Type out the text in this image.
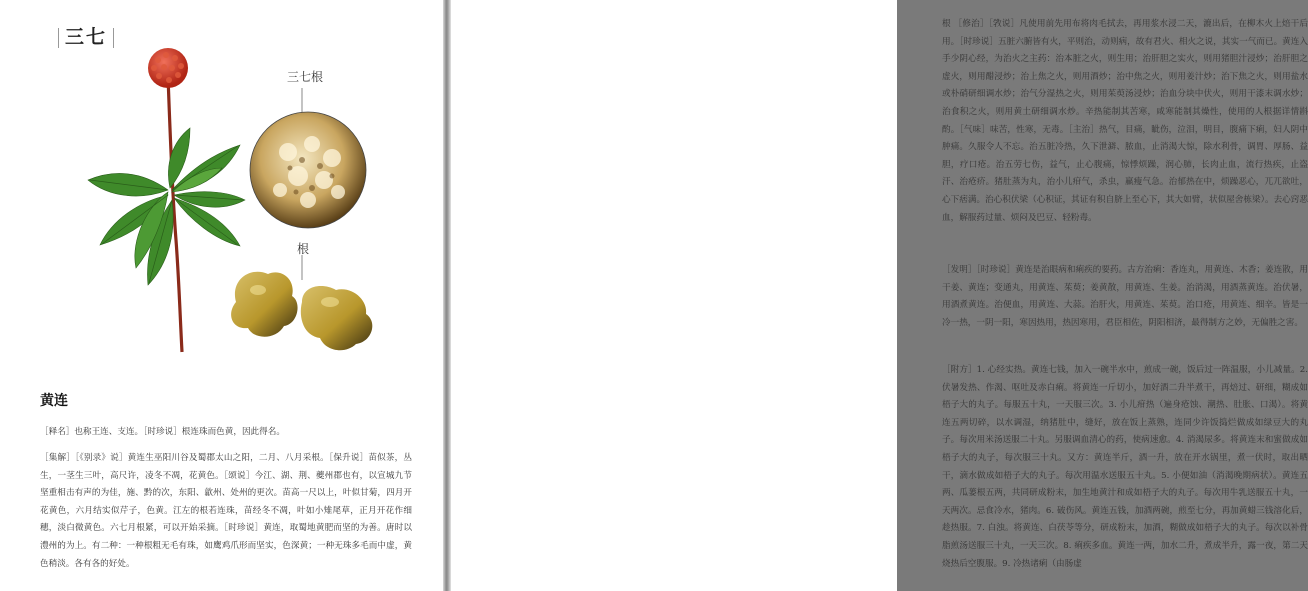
三七
三七根
根
黄连
［释名］也称王连、支连。［时珍说］根连珠而色黄，因此得名。
［集解］［《别录》说］黄连生巫阳川谷及蜀郡太山之阳，二月、八月采根。［保升说］苗似茶，丛生，一茎生三叶，高尺许，凌冬不凋，花黄色。［颂说］今江、湖、荆、夔州郡也有，以宣城九节坚重相击有声的为佳，施、黔的次，东阳、歙州、处州的更次。苗高一尺以上，叶似甘菊，四月开花黄色，六月结实似芹子，色黄。江左的根若连珠，苗经冬不凋，叶如小雉尾草，正月开花作细穗，淡白微黄色。六七月根紧，可以开始采摘。［时珍说］黄连，取蜀地黄肥而坚的为善。唐时以澧州的为上。有二种：一种根粗无毛有珠，如鹰鸡爪形而坚实，色深黄；一种无珠多毛而中虚，黄色稍淡。各有各的好处。
根 ［修治］［敩说］凡使用前先用布将肉毛拭去，再用浆水浸二天，漉出后，在柳木火上焙干后用。［时珍说］五脏六腑皆有火，平则治，动则病，故有君火、相火之说，其实一气而已。黄连入手少阴心经，为治火之主药：治本脏之火，则生用；治肝胆之实火，则用猪胆汁浸炒；治肝胆之虚火，则用醋浸炒；治上焦之火，则用酒炒；治中焦之火，则用姜汁炒；治下焦之火，则用盐水或朴硝研细调水炒；治气分湿热之火，则用茱萸汤浸炒；治血分块中伏火，则用干漆末调水炒；治食积之火，则用黄土研细调水炒。辛热能制其苦寒，咸寒能制其燥性，使用的人根据详情斟酌。［气味］味苦，性寒，无毒。［主治］热气，目痛，眦伤，泣泪，明目，腹痛下痢，妇人阴中肿痛。久服令人不忘。治五脏冷热，久下泄澼、脓血，止消渴大惊，除水利骨，调胃、厚肠、益胆，疗口疮。治五劳七伤，益气，止心腹痛，惊悸烦躁，润心肺，长肉止血，流行热疾，止盗汗、治疮疥。猪肚蒸为丸，治小儿疳气，杀虫，羸瘦气急。治郁热在中，烦躁恶心，兀兀欲吐，心下痞满。治心积伏梁（心积证，其证有积自脐上至心下，其大如臂，状似屋舍栋梁）。去心窍恶血，解服药过量、烦闷及巴豆、轻粉毒。
［发明］［时珍说］黄连是治眼病和痢疾的要药。古方治痢：香连丸，用黄连、木香；姜连散，用干姜、黄连；变通丸，用黄连、茱萸；姜黄散，用黄连、生姜。治消渴，用酒蒸黄连。治伏暑，用酒煮黄连。治便血，用黄连、大蒜。治肝火，用黄连、茱萸。治口疮，用黄连、细辛。皆是一冷一热，一阴一阳，寒因热用，热因寒用，君臣相佐，阴阳相济，最得制方之妙，无偏胜之害。
［附方］1. 心经实热。黄连七钱，加入一碗半水中，煎成一碗，饭后过一阵温服，小儿减量。2. 伏暑发热、作渴、呕吐及赤白痢。将黄连一斤切小，加好酒二升半煮干，再焙过、研细，糊成如梧子大的丸子。每服五十丸，一天服三次。3. 小儿疳热（遍身疮蚀、潮热、肚胀、口渴）。将黄连五两切碎，以水调湿，纳猪肚中，缝好，放在饭上蒸熟，连同少许饭捣烂做成如绿豆大的丸子。每次用米汤送服二十丸。另服调血清心的药，使病速愈。4. 消渴尿多。将黄连末和蜜做成如梧子大的丸子，每次服三十丸。又方：黄连半斤，酒一升，放在开水锅里，煮一伏时，取出晒干，滴水做成如梧子大的丸子。每次用温水送服五十丸。5. 小便如油（消渴晚期病状）。黄连五两、瓜蒌根五两，共同研成粉末，加生地黄汁和成如梧子大的丸子。每次用牛乳送服五十丸，一天两次。忌食冷水，猪肉。6. 破伤风。黄连五钱，加酒两碗，煎至七分，再加黄蜡三钱溶化后，趁热服。7. 白浊。将黄连、白茯苓等分，研成粉末，加酒，糊做成如梧子大的丸子。每次以补骨脂煎汤送服三十丸，一天三次。8. 痢疾多血。黄连一两，加水二升，煮成半升，露一夜，第二天烧热后空腹服。9. 冷热诸痢（由肠虚
